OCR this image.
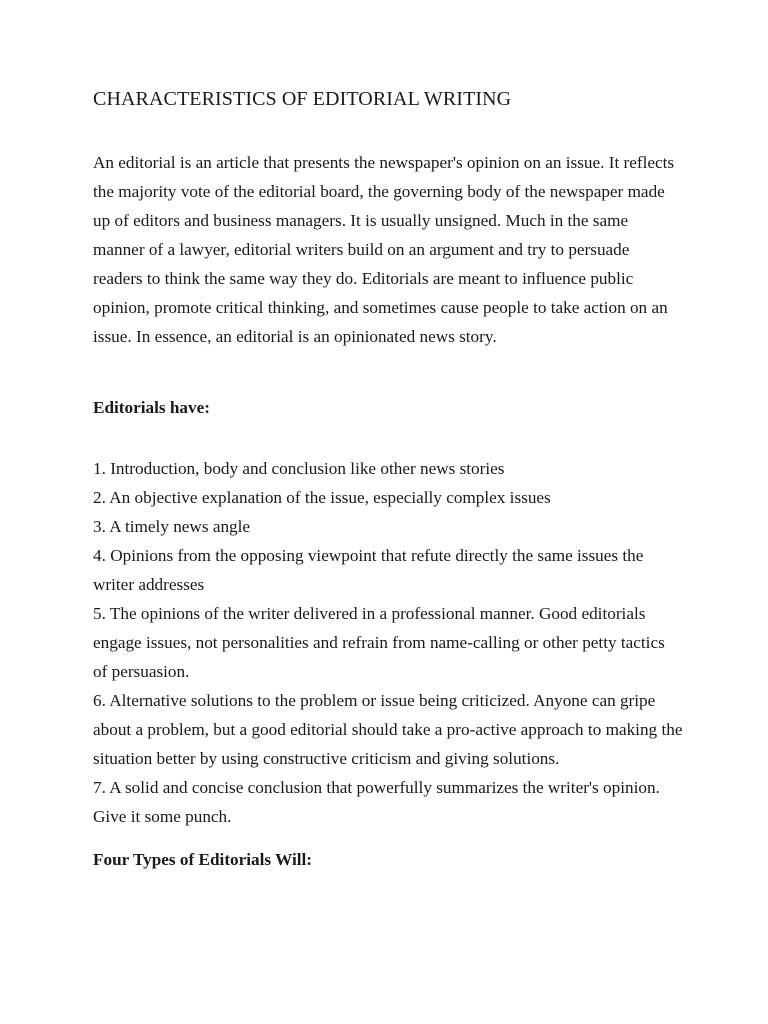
CHARACTERISTICS OF EDITORIAL WRITING

An editorial is an article that presents the newspaper's opinion on an issue. It reflects the majority vote of the editorial board, the governing body of the newspaper made up of editors and business managers. It is usually unsigned. Much in the same manner of a lawyer, editorial writers build on an argument and try to persuade readers to think the same way they do. Editorials are meant to influence public opinion, promote critical thinking, and sometimes cause people to take action on an issue. In essence, an editorial is an opinionated news story.

Editorials have:
1. Introduction, body and conclusion like other news stories
2. An objective explanation of the issue, especially complex issues
3. A timely news angle
4. Opinions from the opposing viewpoint that refute directly the same issues the writer addresses
5. The opinions of the writer delivered in a professional manner. Good editorials engage issues, not personalities and refrain from name-calling or other petty tactics of persuasion.
6. Alternative solutions to the problem or issue being criticized. Anyone can gripe about a problem, but a good editorial should take a pro-active approach to making the situation better by using constructive criticism and giving solutions.
7. A solid and concise conclusion that powerfully summarizes the writer's opinion. Give it some punch.
Four Types of Editorials Will:
